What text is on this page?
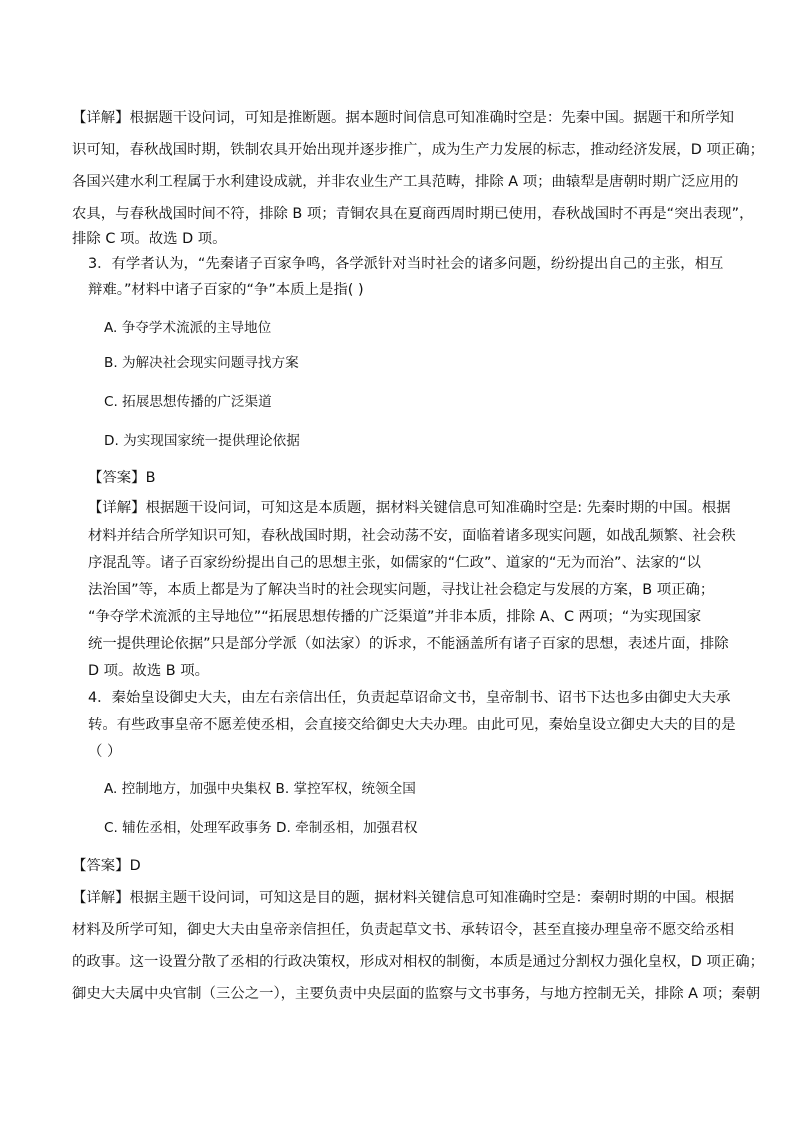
【详解】根据题干设问词，可知是推断题。据本题时间信息可知准确时空是：先秦中国。据题干和所学知
识可知，春秋战国时期，铁制农具开始出现并逐步推广，成为生产力发展的标志，推动经济发展，D 项正确；
各国兴建水利工程属于水利建设成就，并非农业生产工具范畴，排除 A 项；曲辕犁是唐朝时期广泛应用的
农具，与春秋战国时间不符，排除 B 项；青铜农具在夏商西周时期已使用，春秋战国时不再是“突出表现”，
排除 C 项。故选 D 项。
3．有学者认为，“先秦诸子百家争鸣，各学派针对当时社会的诸多问题，纷纷提出自己的主张，相互
辩难。”材料中诸子百家的“争”本质上是指( )
A. 争夺学术流派的主导地位
B. 为解决社会现实问题寻找方案
C. 拓展思想传播的广泛渠道
D. 为实现国家统一提供理论依据
【答案】B
【详解】根据题干设问词，可知这是本质题，据材料关键信息可知准确时空是: 先秦时期的中国。根据
材料并结合所学知识可知，春秋战国时期，社会动荡不安，面临着诸多现实问题，如战乱频繁、社会秩
序混乱等。诸子百家纷纷提出自己的思想主张，如儒家的“仁政”、道家的“无为而治”、法家的“以
法治国”等，本质上都是为了解决当时的社会现实问题，寻找让社会稳定与发展的方案，B 项正确；
“争夺学术流派的主导地位”“拓展思想传播的广泛渠道”并非本质，排除 A、C 两项；“为实现国家
统一提供理论依据”只是部分学派（如法家）的诉求，不能涵盖所有诸子百家的思想，表述片面，排除
D 项。故选 B 项。
4．秦始皇设御史大夫，由左右亲信出任，负责起草诏命文书，皇帝制书、诏书下达也多由御史大夫承
转。有些政事皇帝不愿差使丞相，会直接交给御史大夫办理。由此可见，秦始皇设立御史大夫的目的是
（ ）
A. 控制地方，加强中央集权 B. 掌控军权，统领全国
C. 辅佐丞相，处理军政事务 D. 牵制丞相，加强君权
【答案】D
【详解】根据主题干设问词，可知这是目的题，据材料关键信息可知准确时空是：秦朝时期的中国。根据
材料及所学可知，御史大夫由皇帝亲信担任，负责起草文书、承转诏令，甚至直接办理皇帝不愿交给丞相
的政事。这一设置分散了丞相的行政决策权，形成对相权的制衡，本质是通过分割权力强化皇权，D 项正确；
御史大夫属中央官制（三公之一），主要负责中央层面的监察与文书事务，与地方控制无关，排除 A 项；秦朝
